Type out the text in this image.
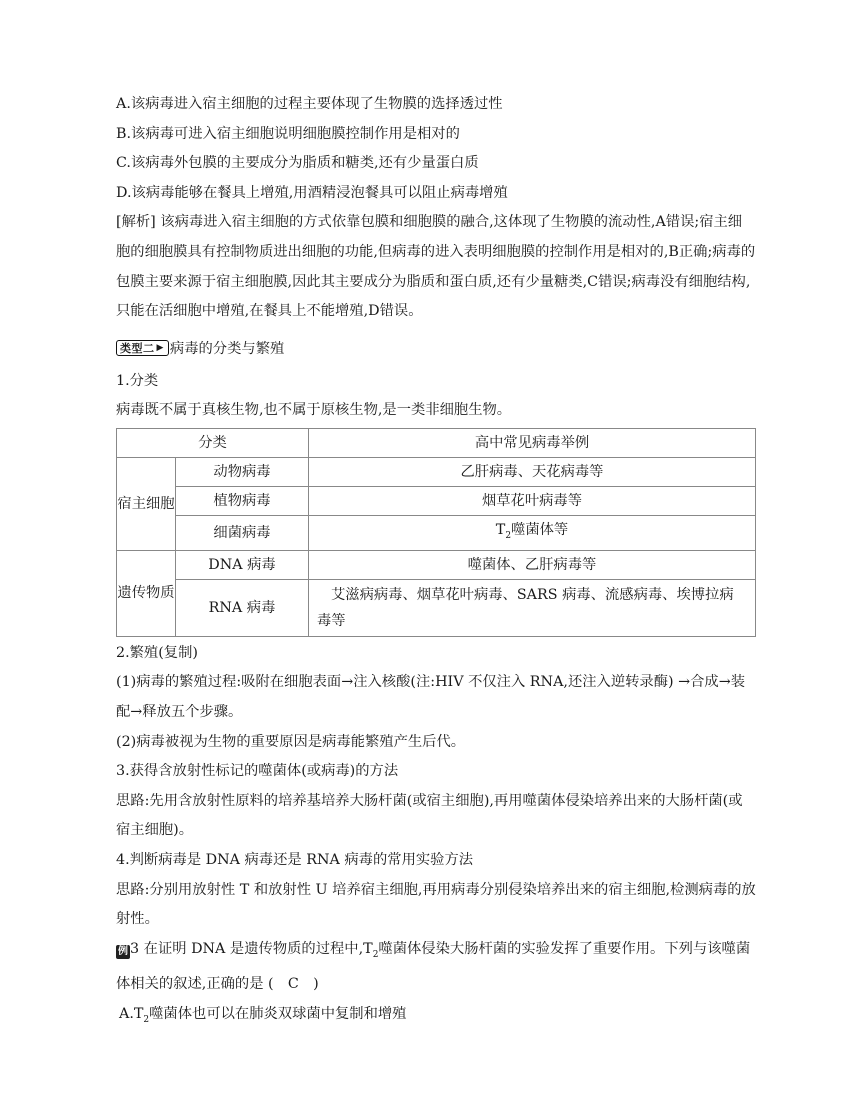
A.该病毒进入宿主细胞的过程主要体现了生物膜的选择透过性
B.该病毒可进入宿主细胞说明细胞膜控制作用是相对的
C.该病毒外包膜的主要成分为脂质和糖类,还有少量蛋白质
D.该病毒能够在餐具上增殖,用酒精浸泡餐具可以阻止病毒增殖
[解析] 该病毒进入宿主细胞的方式依靠包膜和细胞膜的融合,这体现了生物膜的流动性,A错误;宿主细胞的细胞膜具有控制物质进出细胞的功能,但病毒的进入表明细胞膜的控制作用是相对的,B正确;病毒的包膜主要来源于宿主细胞膜,因此其主要成分为脂质和蛋白质,还有少量糖类,C错误;病毒没有细胞结构,只能在活细胞中增殖,在餐具上不能增殖,D错误。
类型二 ▶ 病毒的分类与繁殖
1.分类
病毒既不属于真核生物,也不属于原核生物,是一类非细胞生物。
分类		高中常见病毒举例
宿主细胞	动物病毒	乙肝病毒、天花病毒等
	植物病毒	烟草花叶病毒等
	细菌病毒	$T_2$噬菌体等
遗传物质	DNA 病毒	噬菌体、乙肝病毒等
	RNA 病毒	艾滋病病毒、烟草花叶病毒、SARS 病毒、流感病毒、埃博拉病毒等
2.繁殖(复制)
(1)病毒的繁殖过程:吸附在细胞表面→注入核酸(注:HIV 不仅注入 RNA,还注入逆转录酶) →合成→装配→释放五个步骤。
(2)病毒被视为生物的重要原因是病毒能繁殖产生后代。
3.获得含放射性标记的噬菌体(或病毒)的方法
思路:先用含放射性原料的培养基培养大肠杆菌(或宿主细胞),再用噬菌体侵染培养出来的大肠杆菌(或宿主细胞)。
4.判断病毒是 DNA 病毒还是 RNA 病毒的常用实验方法
思路:分别用放射性 T 和放射性 U 培养宿主细胞,再用病毒分别侵染培养出来的宿主细胞,检测病毒的放射性。
例 3 在证明 DNA 是遗传物质的过程中$,T_2$噬菌体侵染大肠杆菌的实验发挥了重要作用。下列与该噬菌体相关的叙述,正确的是 (　C　)
$A.T_2$噬菌体也可以在肺炎双球菌中复制和增殖
